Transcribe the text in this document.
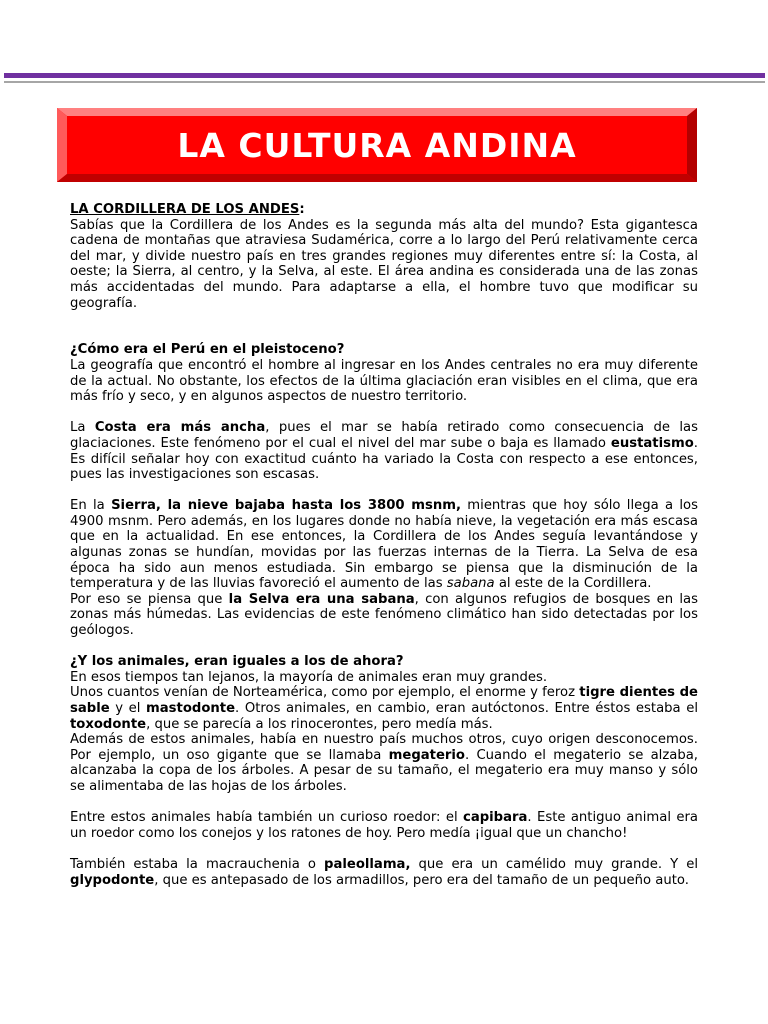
LA CULTURA ANDINA

LA CORDILLERA DE LOS ANDES:

Sabías que la Cordillera de los Andes es la segunda más alta del mundo? Esta gigantesca cadena de montañas que atraviesa Sudamérica, corre a lo largo del Perú relativamente cerca del mar, y divide nuestro país en tres grandes regiones muy diferentes entre sí: la Costa, al oeste; la Sierra, al centro, y la Selva, al este. El área andina es considerada una de las zonas más accidentadas del mundo. Para adaptarse a ella, el hombre tuvo que modificar su geografía.

¿Cómo era el Perú en el pleistoceno?

La geografía que encontró el hombre al ingresar en los Andes centrales no era muy diferente de la actual. No obstante, los efectos de la última glaciación eran visibles en el clima, que era más frío y seco, y en algunos aspectos de nuestro territorio.

La Costa era más ancha, pues el mar se había retirado como consecuencia de las glaciaciones. Este fenómeno por el cual el nivel del mar sube o baja es llamado eustatismo. Es difícil señalar hoy con exactitud cuánto ha variado la Costa con respecto a ese entonces, pues las investigaciones son escasas.

En la Sierra, la nieve bajaba hasta los 3800 msnm, mientras que hoy sólo llega a los 4900 msnm. Pero además, en los lugares donde no había nieve, la vegetación era más escasa que en la actualidad. En ese entonces, la Cordillera de los Andes seguía levantándose y algunas zonas se hundían, movidas por las fuerzas internas de la Tierra. La Selva de esa época ha sido aun menos estudiada. Sin embargo se piensa que la disminución de la temperatura y de las lluvias favoreció el aumento de las sabana al este de la Cordillera.

Por eso se piensa que la Selva era una sabana, con algunos refugios de bosques en las zonas más húmedas. Las evidencias de este fenómeno climático han sido detectadas por los geólogos.

¿Y los animales, eran iguales a los de ahora?

En esos tiempos tan lejanos, la mayoría de animales eran muy grandes.

Unos cuantos venían de Norteamérica, como por ejemplo, el enorme y feroz tigre dientes de sable y el mastodonte. Otros animales, en cambio, eran autóctonos. Entre éstos estaba el toxodonte, que se parecía a los rinocerontes, pero medía más.

Además de estos animales, había en nuestro país muchos otros, cuyo origen desconocemos. Por ejemplo, un oso gigante que se llamaba megaterio. Cuando el megaterio se alzaba, alcanzaba la copa de los árboles. A pesar de su tamaño, el megaterio era muy manso y sólo se alimentaba de las hojas de los árboles.

Entre estos animales había también un curioso roedor: el capibara. Este antiguo animal era un roedor como los conejos y los ratones de hoy. Pero medía ¡igual que un chancho!

También estaba la macrauchenia o paleollama, que era un camélido muy grande. Y el glypodonte, que es antepasado de los armadillos, pero era del tamaño de un pequeño auto.
